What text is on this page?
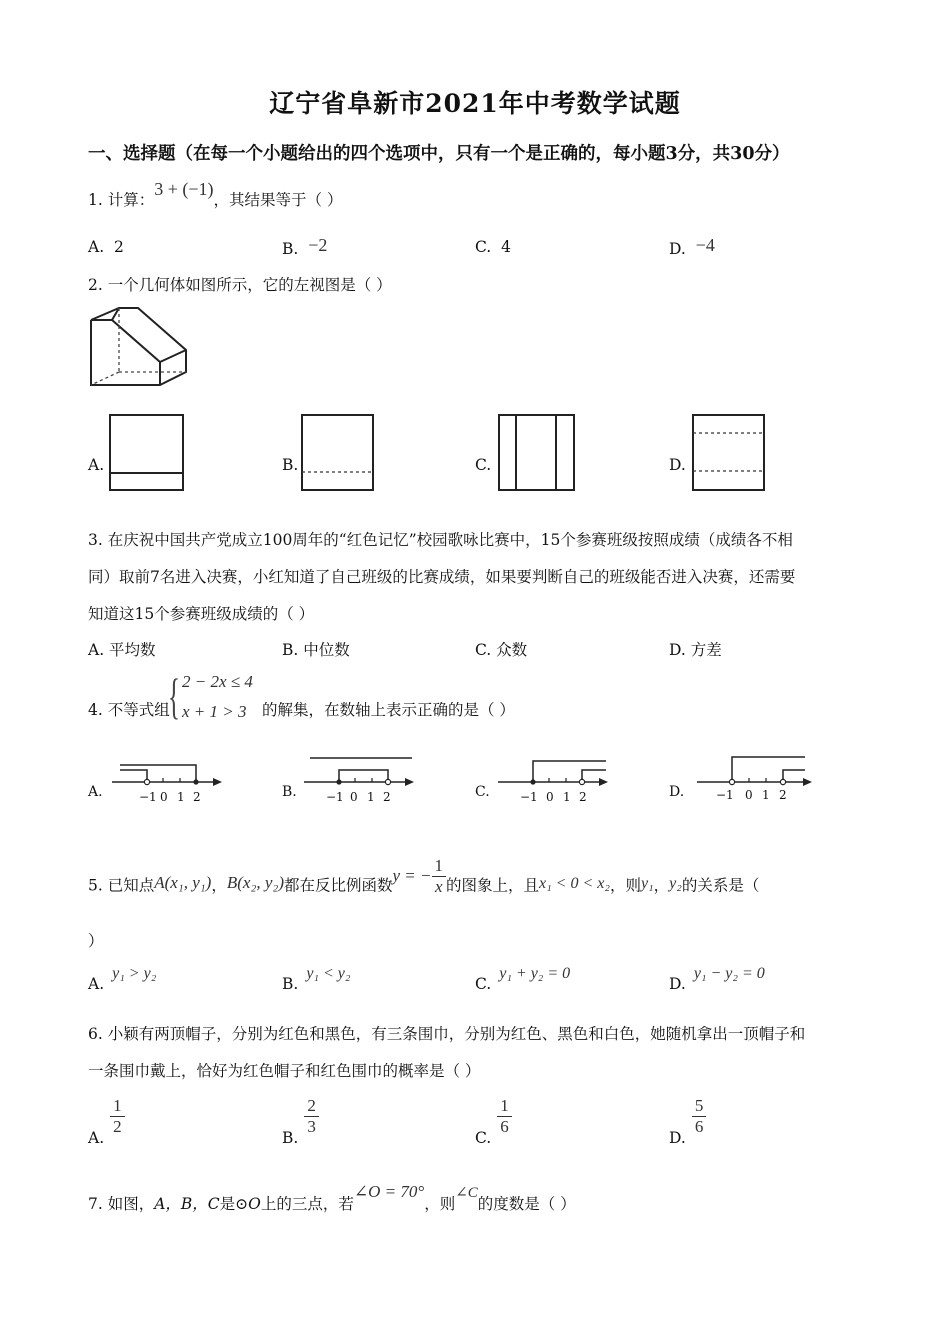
辽宁省阜新市2021年中考数学试题
一、选择题（在每一个小题给出的四个选项中，只有一个是正确的，每小题3分，共30分）
1. 计算：3 + (−1)，其结果等于（ ）
A. 2	B. −2	C. 4	D. −4
2. 一个几何体如图所示，它的左视图是（ ）
A.	B.	C.	D.
3. 在庆祝中国共产党成立100周年的“红色记忆”校园歌咏比赛中，15个参赛班级按照成绩（成绩各不相
同）取前7名进入决赛，小红知道了自己班级的比赛成绩，如果要判断自己的班级能否进入决赛，还需要
知道这15个参赛班级成绩的（ ）
A. 平均数	B. 中位数	C. 众数	D. 方差
4. 不等式组
{ 2 − 2x ≤ 4
x + 1 > 3 的解集，在数轴上表示正确的是（ ）
A.	−1 0 1 2	B. −1 0 1 2	C.	−1 0 1 2	D.	−1 0 1 2
5. 已知点A(x₁, y₁)，B(x₂, y₂)都在反比例函数y = − $\frac{1}{x}$ 的图象上，且x₁ < 0 < x₂，则y₁，y₂的关系是（
）
A.y₁ > y₂
B.y₁ < y₂
C.y₁ + y₂ = 0
D.y₁ − y₂ = 0
6. 小颖有两顶帽子，分别为红色和黑色，有三条围巾，分别为红色、黑色和白色，她随机拿出一顶帽子和
一条围巾戴上，恰好为红色帽子和红色围巾的概率是（ ）
A.
$\frac{1}{2}$
B.
$\frac{2}{3}$
C.
$\frac{1}{6}$
D.
$\frac{5}{6}$
7. 如图，A，B，C是⊙O上的三点，若∠O = 70°，则∠C的度数是（ ）
